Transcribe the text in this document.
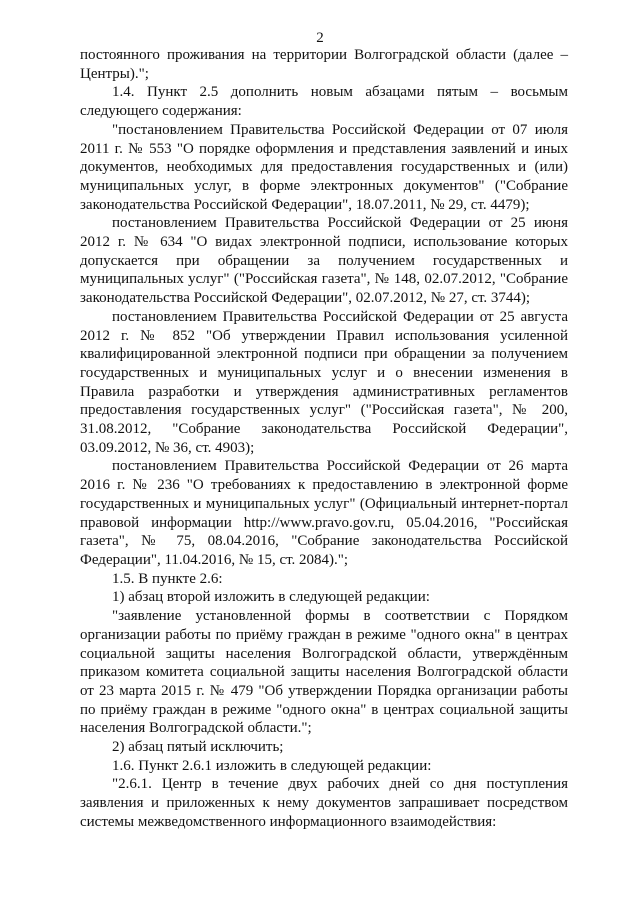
2

постоянного проживания на территории Волгоградской области (далее – Центры).";

1.4. Пункт 2.5 дополнить новым абзацами пятым – восьмым следующего содержания:

"постановлением Правительства Российской Федерации от 07 июля 2011 г. № 553 "О порядке оформления и представления заявлений и иных документов, необходимых для предоставления государственных и (или) муниципальных услуг, в форме электронных документов" ("Собрание законодательства Российской Федерации", 18.07.2011, № 29, ст. 4479);

постановлением Правительства Российской Федерации от 25 июня 2012 г. № 634 "О видах электронной подписи, использование которых допускается при обращении за получением государственных и муниципальных услуг" ("Российская газета", № 148, 02.07.2012, "Собрание законодательства Российской Федерации", 02.07.2012, № 27, ст. 3744);

постановлением Правительства Российской Федерации от 25 августа 2012 г. № 852 "Об утверждении Правил использования усиленной квалифицированной электронной подписи при обращении за получением государственных и муниципальных услуг и о внесении изменения в Правила разработки и утверждения административных регламентов предоставления государственных услуг" ("Российская газета", № 200, 31.08.2012, "Собрание законодательства Российской Федерации", 03.09.2012, № 36, ст. 4903);

постановлением Правительства Российской Федерации от 26 марта 2016 г. № 236 "О требованиях к предоставлению в электронной форме государственных и муниципальных услуг" (Официальный интернет-портал правовой информации http://www.pravo.gov.ru, 05.04.2016, "Российская газета", № 75, 08.04.2016, "Собрание законодательства Российской Федерации", 11.04.2016, № 15, ст. 2084).";

1.5. В пункте 2.6:

1) абзац второй изложить в следующей редакции:

"заявление установленной формы в соответствии с Порядком организации работы по приёму граждан в режиме "одного окна" в центрах социальной защиты населения Волгоградской области, утверждённым приказом комитета социальной защиты населения Волгоградской области от 23 марта 2015 г. № 479 "Об утверждении Порядка организации работы по приёму граждан в режиме "одного окна" в центрах социальной защиты населения Волгоградской области.";

2) абзац пятый исключить;

1.6. Пункт 2.6.1 изложить в следующей редакции:

"2.6.1. Центр в течение двух рабочих дней со дня поступления заявления и приложенных к нему документов запрашивает посредством системы межведомственного информационного взаимодействия:
